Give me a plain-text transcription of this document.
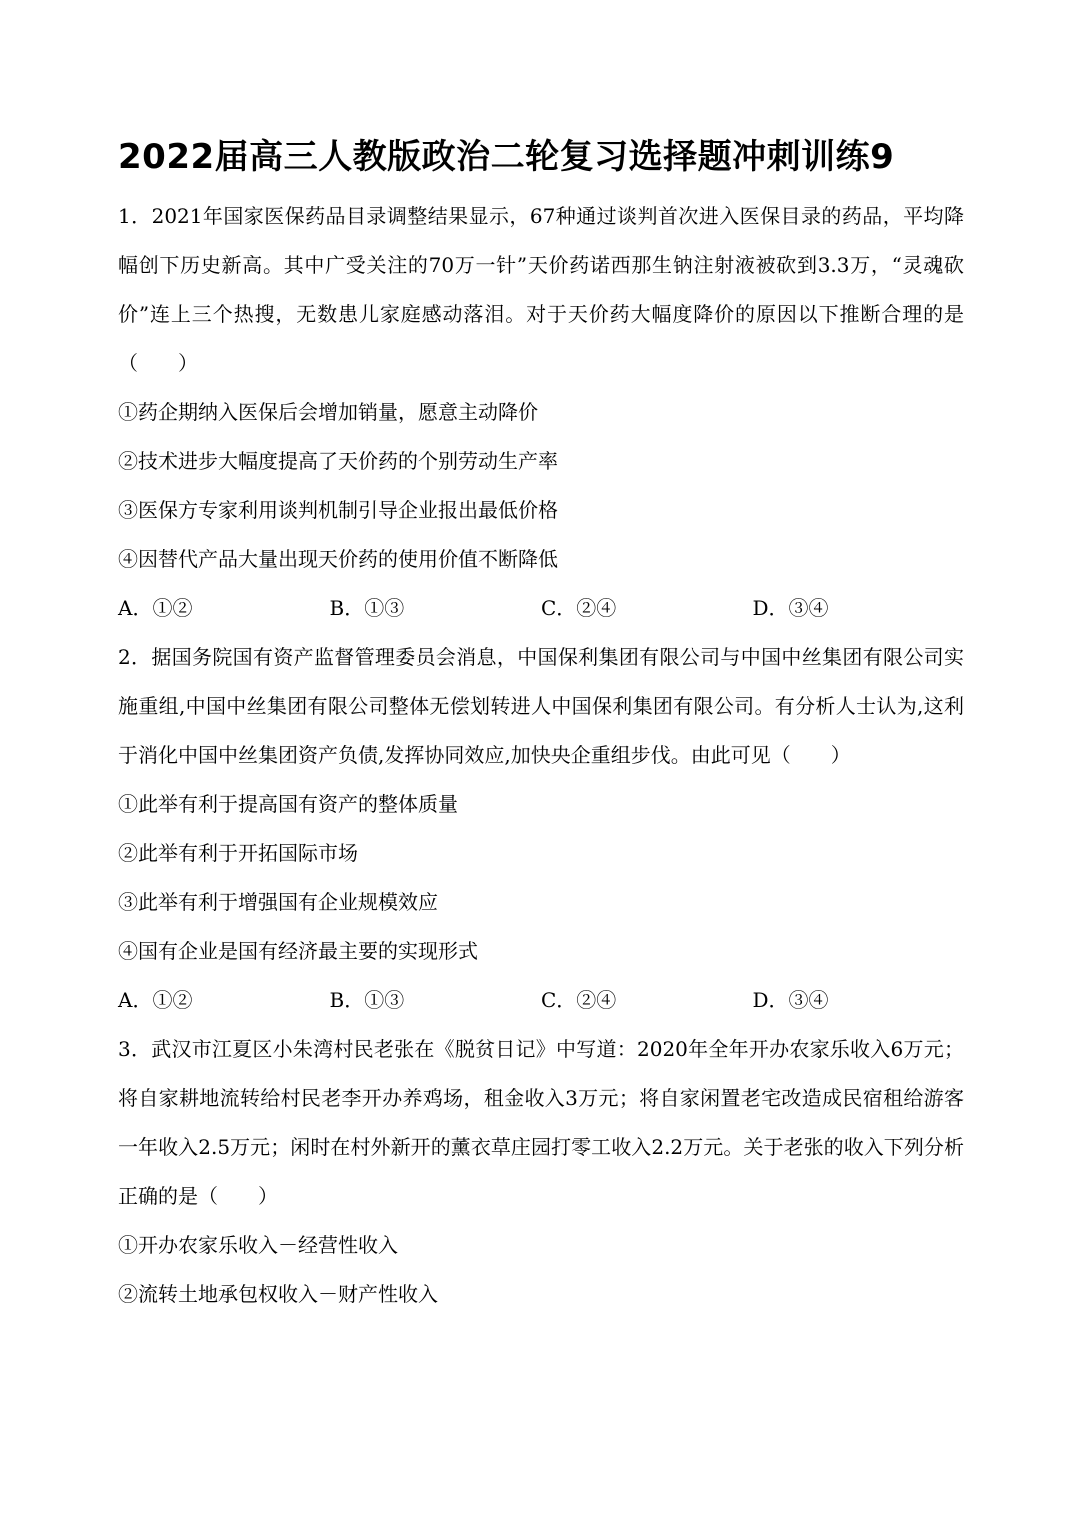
2022届高三人教版政治二轮复习选择题冲刺训练9
1．2021年国家医保药品目录调整结果显示，67种通过谈判首次进入医保目录的药品，平均降幅创下历史新高。其中广受关注的70万一针”天价药诺西那生钠注射液被砍到3.3万，“灵魂砍价”连上三个热搜，无数患儿家庭感动落泪。对于天价药大幅度降价的原因以下推断合理的是（　　）
①药企期纳入医保后会增加销量，愿意主动降价
②技术进步大幅度提高了天价药的个别劳动生产率
③医保方专家利用谈判机制引导企业报出最低价格
④因替代产品大量出现天价药的使用价值不断降低
A．①②	B．①③	C．②④	D．③④
2．据国务院国有资产监督管理委员会消息，中国保利集团有限公司与中国中丝集团有限公司实施重组,中国中丝集团有限公司整体无偿划转进人中国保利集团有限公司。有分析人士认为,这利于消化中国中丝集团资产负债,发挥协同效应,加快央企重组步伐。由此可见（　　）
①此举有利于提高国有资产的整体质量
②此举有利于开拓国际市场
③此举有利于增强国有企业规模效应
④国有企业是国有经济最主要的实现形式
A．①②	B．①③	C．②④	D．③④
3．武汉市江夏区小朱湾村民老张在《脱贫日记》中写道：2020年全年开办农家乐收入6万元；将自家耕地流转给村民老李开办养鸡场，租金收入3万元；将自家闲置老宅改造成民宿租给游客一年收入2.5万元；闲时在村外新开的薰衣草庄园打零工收入2.2万元。关于老张的收入下列分析正确的是（　　）
①开办农家乐收入－经营性收入
②流转土地承包权收入－财产性收入
